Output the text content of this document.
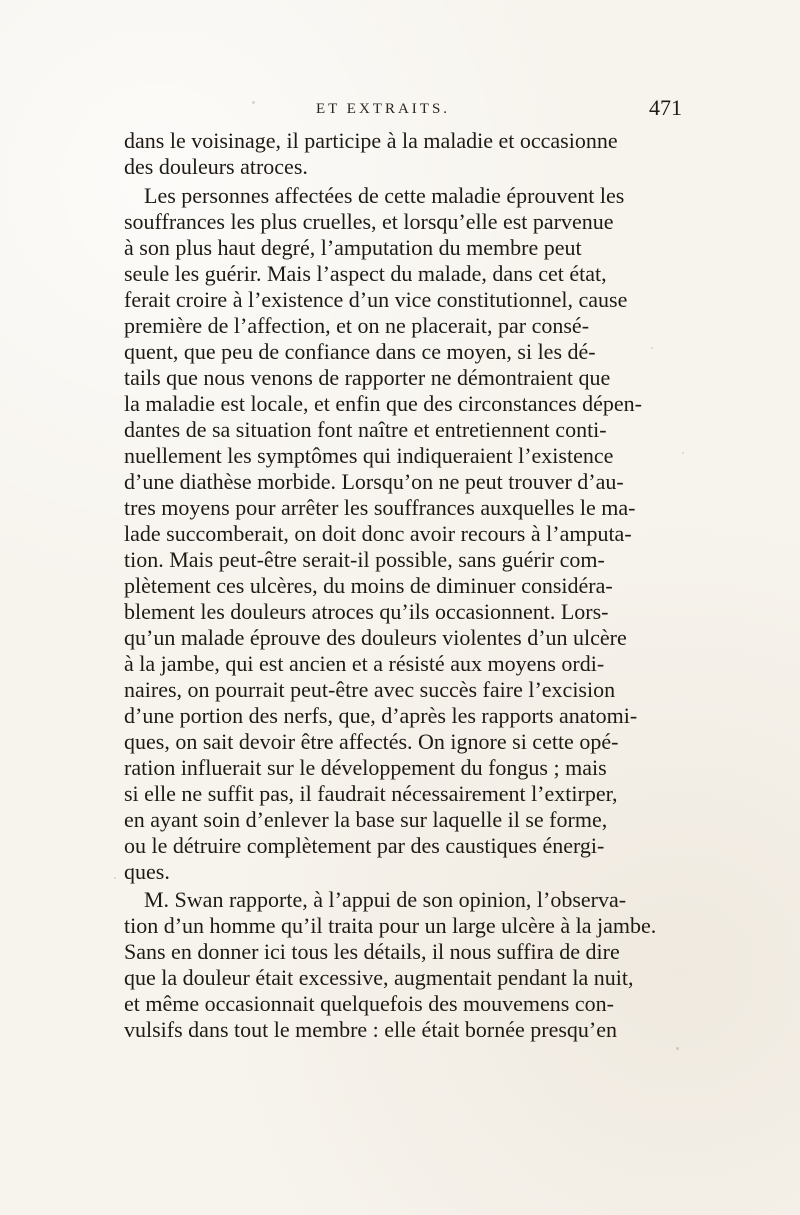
ET EXTRAITS.	471
dans le voisinage, il participe à la maladie et occasionne
des douleurs atroces.
Les personnes affectées de cette maladie éprouvent les
souffrances les plus cruelles, et lorsqu’elle est parvenue
à son plus haut degré, l’amputation du membre peut
seule les guérir. Mais l’aspect du malade, dans cet état,
ferait croire à l’existence d’un vice constitutionnel, cause
première de l’affection, et on ne placerait, par consé-
quent, que peu de confiance dans ce moyen, si les dé-
tails que nous venons de rapporter ne démontraient que
la maladie est locale, et enfin que des circonstances dépen-
dantes de sa situation font naître et entretiennent conti-
nuellement les symptômes qui indiqueraient l’existence
d’une diathèse morbide. Lorsqu’on ne peut trouver d’au-
tres moyens pour arrêter les souffrances auxquelles le ma-
lade succomberait, on doit donc avoir recours à l’amputa-
tion. Mais peut-être serait-il possible, sans guérir com-
plètement ces ulcères, du moins de diminuer considéra-
blement les douleurs atroces qu’ils occasionnent. Lors-
qu’un malade éprouve des douleurs violentes d’un ulcère
à la jambe, qui est ancien et a résisté aux moyens ordi-
naires, on pourrait peut-être avec succès faire l’excision
d’une portion des nerfs, que, d’après les rapports anatomi-
ques, on sait devoir être affectés. On ignore si cette opé-
ration influerait sur le développement du fongus ; mais
si elle ne suffit pas, il faudrait nécessairement l’extirper,
en ayant soin d’enlever la base sur laquelle il se forme,
ou le détruire complètement par des caustiques énergi-
ques.
M. Swan rapporte, à l’appui de son opinion, l’observa-
tion d’un homme qu’il traita pour un large ulcère à la jambe.
Sans en donner ici tous les détails, il nous suffira de dire
que la douleur était excessive, augmentait pendant la nuit,
et même occasionnait quelquefois des mouvemens con-
vulsifs dans tout le membre : elle était bornée presqu’en
